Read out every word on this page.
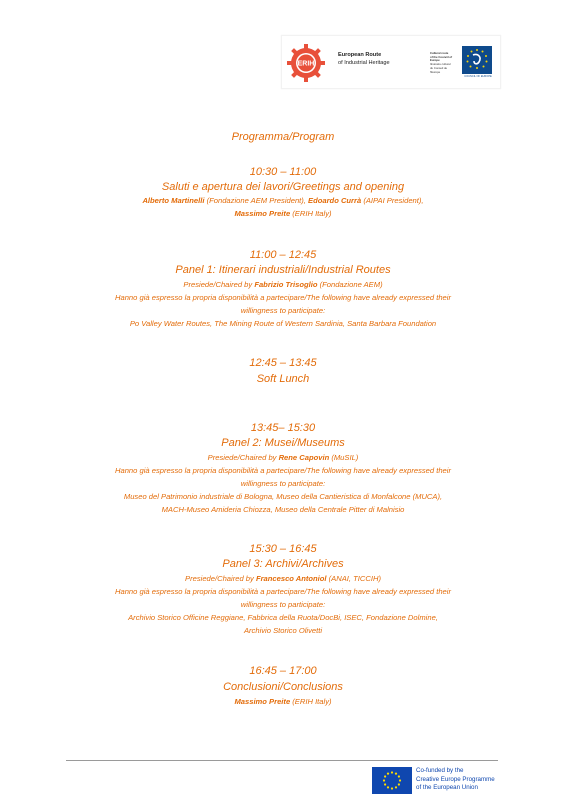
ERIH
European Route
of Industrial Heritage
Cultural route
of the Council of Europe
Itinéraire culturel
du Conseil de l'Europe
COUNCIL OF EUROPE
Programma/Program
10:30 – 11:00
Saluti e apertura dei lavori/Greetings and opening
Alberto Martinelli (Fondazione AEM President), Edoardo Currà (AIPAI President),
Massimo Preite (ERIH Italy)
11:00 – 12:45
Panel 1: Itinerari industriali/Industrial Routes
Presiede/Chaired by Fabrizio Trisoglio (Fondazione AEM)
Hanno già espresso la propria disponibilità a partecipare/The following have already expressed their
willingness to participate:
Po Valley Water Routes, The Mining Route of Western Sardinia, Santa Barbara Foundation
12:45 – 13:45
Soft Lunch
13:45– 15:30
Panel 2: Musei/Museums
Presiede/Chaired by Rene Capovin (MuSIL)
Hanno già espresso la propria disponibilità a partecipare/The following have already expressed their
willingness to participate:
Museo del Patrimonio industriale di Bologna, Museo della Cantieristica di Monfalcone (MUCA),
MACH-Museo Amideria Chiozza, Museo della Centrale Pitter di Malnisio
15:30 – 16:45
Panel 3: Archivi/Archives
Presiede/Chaired by Francesco Antoniol (ANAI, TICCIH)
Hanno già espresso la propria disponibilità a partecipare/The following have already expressed their
willingness to participate:
Archivio Storico Officine Reggiane, Fabbrica della Ruota/DocBi, ISEC, Fondazione Dolmine,
Archivio Storico Olivetti
16:45 – 17:00
Conclusioni/Conclusions
Massimo Preite (ERIH Italy)
Co-funded by the
Creative Europe Programme
of the European Union
